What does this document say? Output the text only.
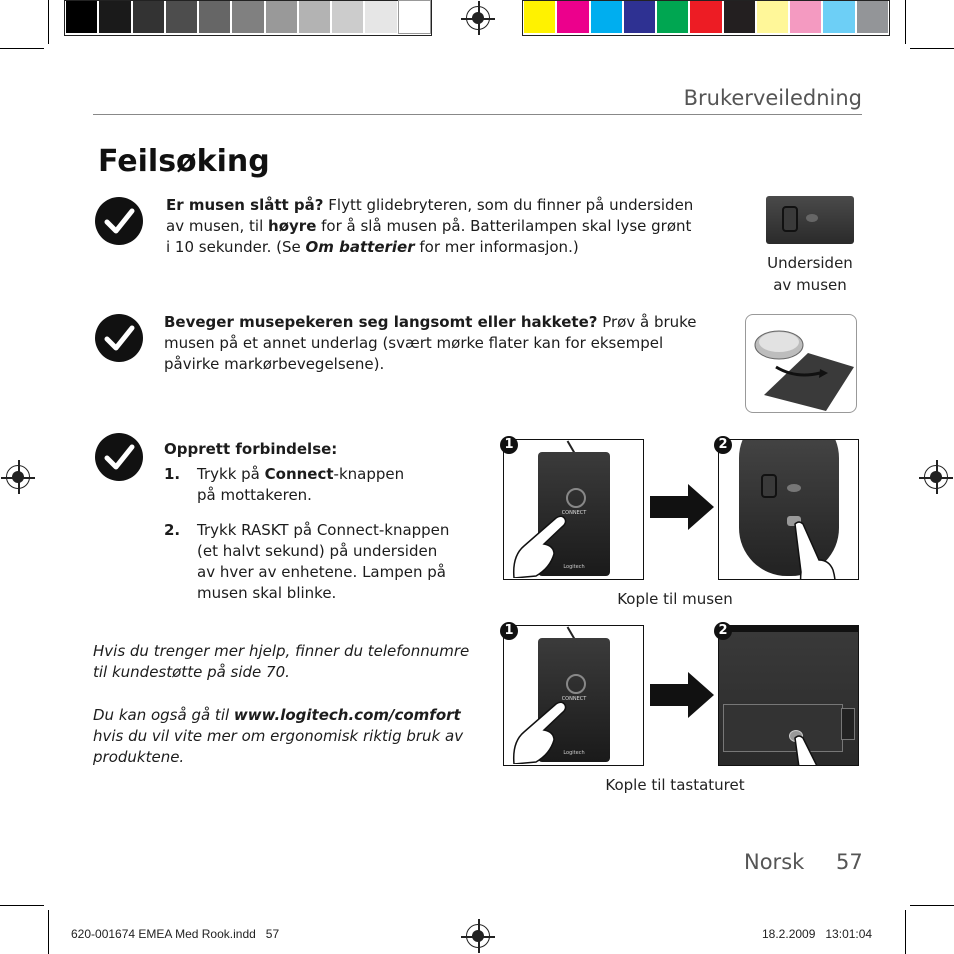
Brukerveiledning
Feilsøking
Er musen slått på? Flytt glidebryteren, som du finner på undersiden
av musen, til høyre for å slå musen på. Batterilampen skal lyse grønt
i 10 sekunder. (Se Om batterier for mer informasjon.)
Undersiden
av musen
Beveger musepekeren seg langsomt eller hakkete? Prøv å bruke
musen på et annet underlag (svært mørke flater kan for eksempel
påvirke markørbevegelsene).
Opprett forbindelse:
1. Trykk på Connect-knappen
på mottakeren.
2. Trykk RASKT på Connect-knappen
(et halvt sekund) på undersiden
av hver av enhetene. Lampen på
musen skal blinke.
Hvis du trenger mer hjelp, finner du telefonnumre
til kundestøtte på side 70.
Du kan også gå til www.logitech.com/comfort
hvis du vil vite mer om ergonomisk riktig bruk av
produktene.
CONNECT
Logitech
1	2
Kople til musen
CONNECT
Logitech
1	2
Kople til tastaturet
Norsk 57
620-001674 EMEA Med Rook.indd   57	18.2.2009   13:01:04
